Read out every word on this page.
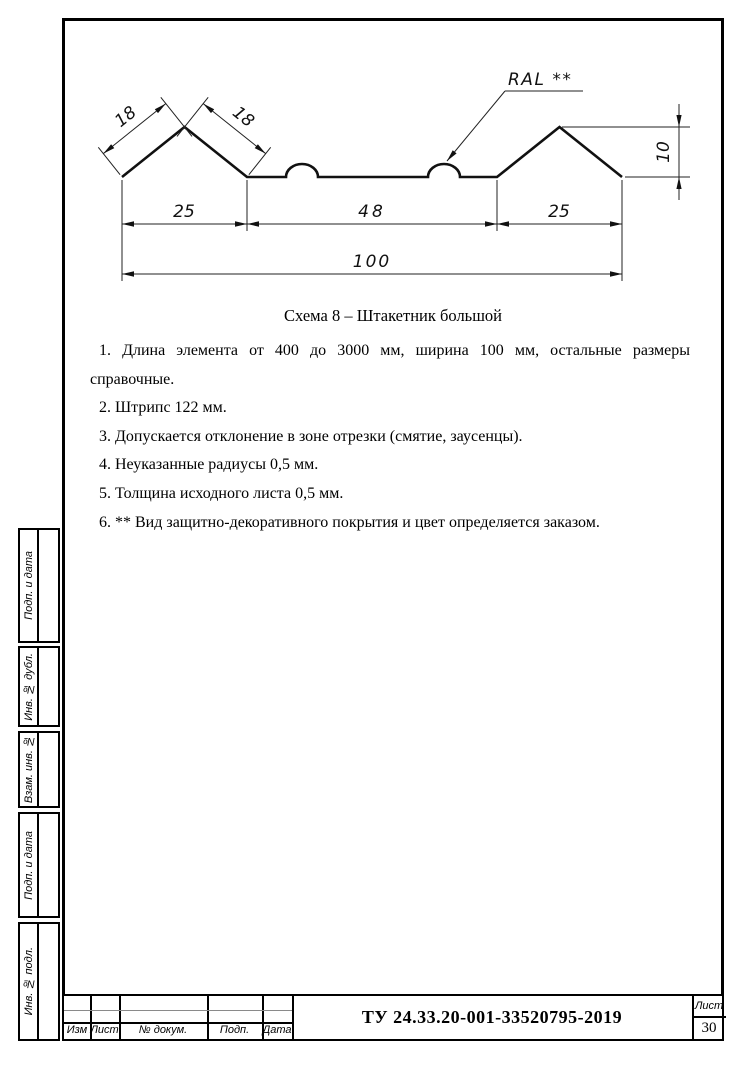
25	48	25
100
10
18	18
RAL **
Схема 8 – Штакетник большой
1. Длина элемента от 400 до 3000 мм, ширина 100 мм, остальные размеры
справочные.
2. Штрипс 122 мм.
3. Допускается отклонение в зоне отрезки (смятие, заусенцы).
4. Неуказанные радиусы 0,5 мм.
5. Толщина исходного листа 0,5 мм.
6. ** Вид защитно-декоративного покрытия и цвет определяется заказом.
Подп. и дата
Инв. № дубл.
Взам. инв. №
Подп. и дата
Инв. № подл.
Изм Лист	№ докум.	Подп.	Дата
ТУ 24.33.20-001-33520795-2019
Лист
30
